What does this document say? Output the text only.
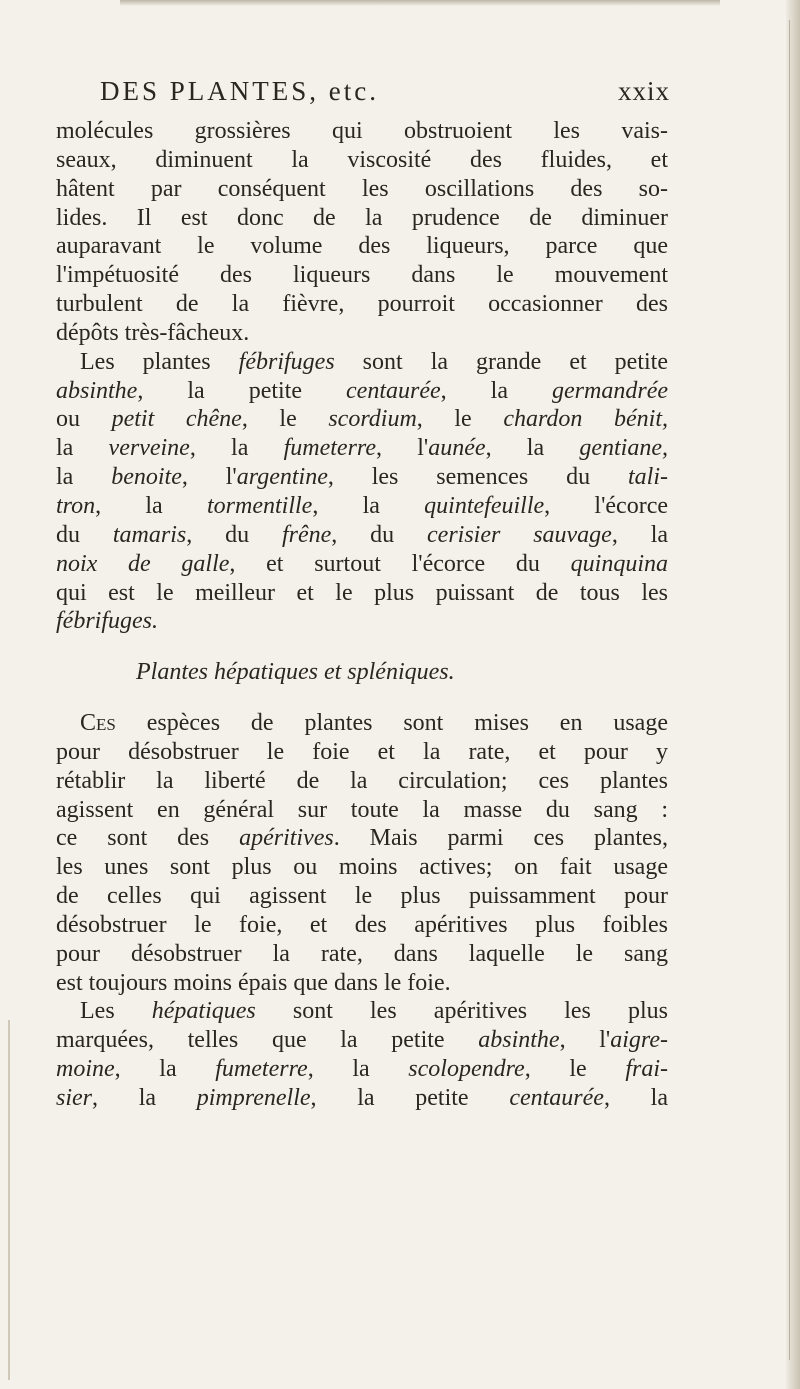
DES PLANTES, etc.	xxix
molécules grossières qui obstruoient les vais-
seaux, diminuent la viscosité des fluides, et
hâtent par conséquent les oscillations des so-
lides. Il est donc de la prudence de diminuer
auparavant le volume des liqueurs, parce que
l'impétuosité des liqueurs dans le mouvement
turbulent de la fièvre, pourroit occasionner des
dépôts très-fâcheux.
Les plantes fébrifuges sont la grande et petite
absinthe, la petite centaurée, la germandrée
ou petit chêne, le scordium, le chardon bénit,
la verveine, la fumeterre, l'aunée, la gentiane,
la benoite, l'argentine, les semences du tali-
tron, la tormentille, la quintefeuille, l'écorce
du tamaris, du frêne, du cerisier sauvage, la
noix de galle, et surtout l'écorce du quinquina
qui est le meilleur et le plus puissant de tous les
fébrifuges.
Plantes hépatiques et spléniques.
Ces espèces de plantes sont mises en usage
pour désobstruer le foie et la rate, et pour y
rétablir la liberté de la circulation; ces plantes
agissent en général sur toute la masse du sang :
ce sont des apéritives. Mais parmi ces plantes,
les unes sont plus ou moins actives; on fait usage
de celles qui agissent le plus puissamment pour
désobstruer le foie, et des apéritives plus foibles
pour désobstruer la rate, dans laquelle le sang
est toujours moins épais que dans le foie.
Les hépatiques sont les apéritives les plus
marquées, telles que la petite absinthe, l'aigre-
moine, la fumeterre, la scolopendre, le frai-
sier, la pimprenelle, la petite centaurée, la
